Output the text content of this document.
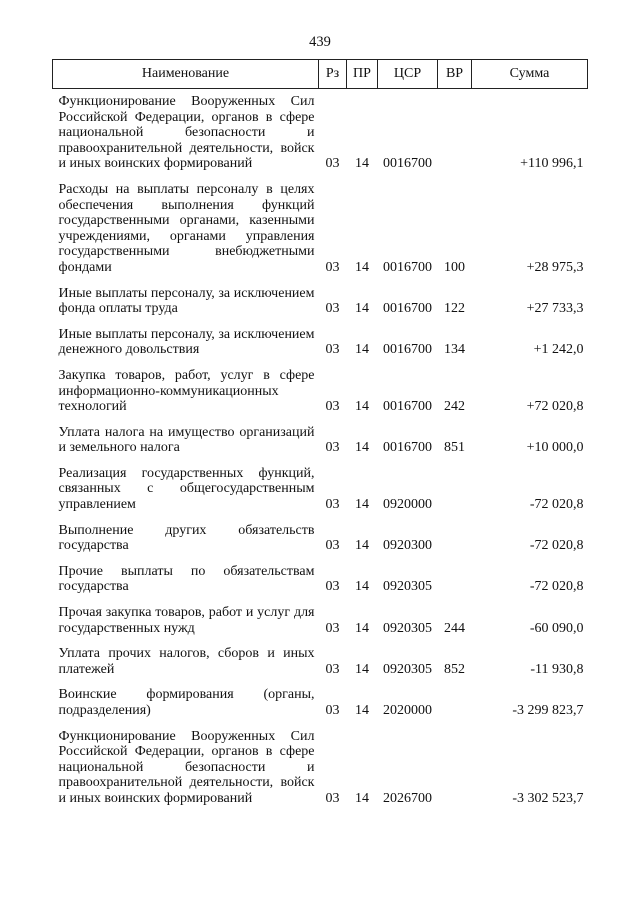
439
Наименование	Рз	ПР	ЦСР	ВР	Сумма
Функционирование Вооруженных Сил Российской Федерации, органов в сфере национальной безопасности и правоохранительной деятельности, войск и иных воинских формирований	03	14	0016700		+110 996,1
Расходы на выплаты персоналу в целях обеспечения выполнения функций государственными органами, казенными учреждениями, органами управления государственными внебюджетными фондами	03	14	0016700	100	+28 975,3
Иные выплаты персоналу, за исключением фонда оплаты труда	03	14	0016700	122	+27 733,3
Иные выплаты персоналу, за исключением денежного довольствия	03	14	0016700	134	+1 242,0
Закупка товаров, работ, услуг в сфере информационно-коммуникационных технологий	03	14	0016700	242	+72 020,8
Уплата налога на имущество организаций и земельного налога	03	14	0016700	851	+10 000,0
Реализация государственных функций, связанных с общегосударственным управлением	03	14	0920000		-72 020,8
Выполнение других обязательств государства	03	14	0920300		-72 020,8
Прочие выплаты по обязательствам государства	03	14	0920305		-72 020,8
Прочая закупка товаров, работ и услуг для государственных нужд	03	14	0920305	244	-60 090,0
Уплата прочих налогов, сборов и иных платежей	03	14	0920305	852	-11 930,8
Воинские формирования (органы, подразделения)	03	14	2020000		-3 299 823,7
Функционирование Вооруженных Сил Российской Федерации, органов в сфере национальной безопасности и правоохранительной деятельности, войск и иных воинских формирований	03	14	2026700		-3 302 523,7
